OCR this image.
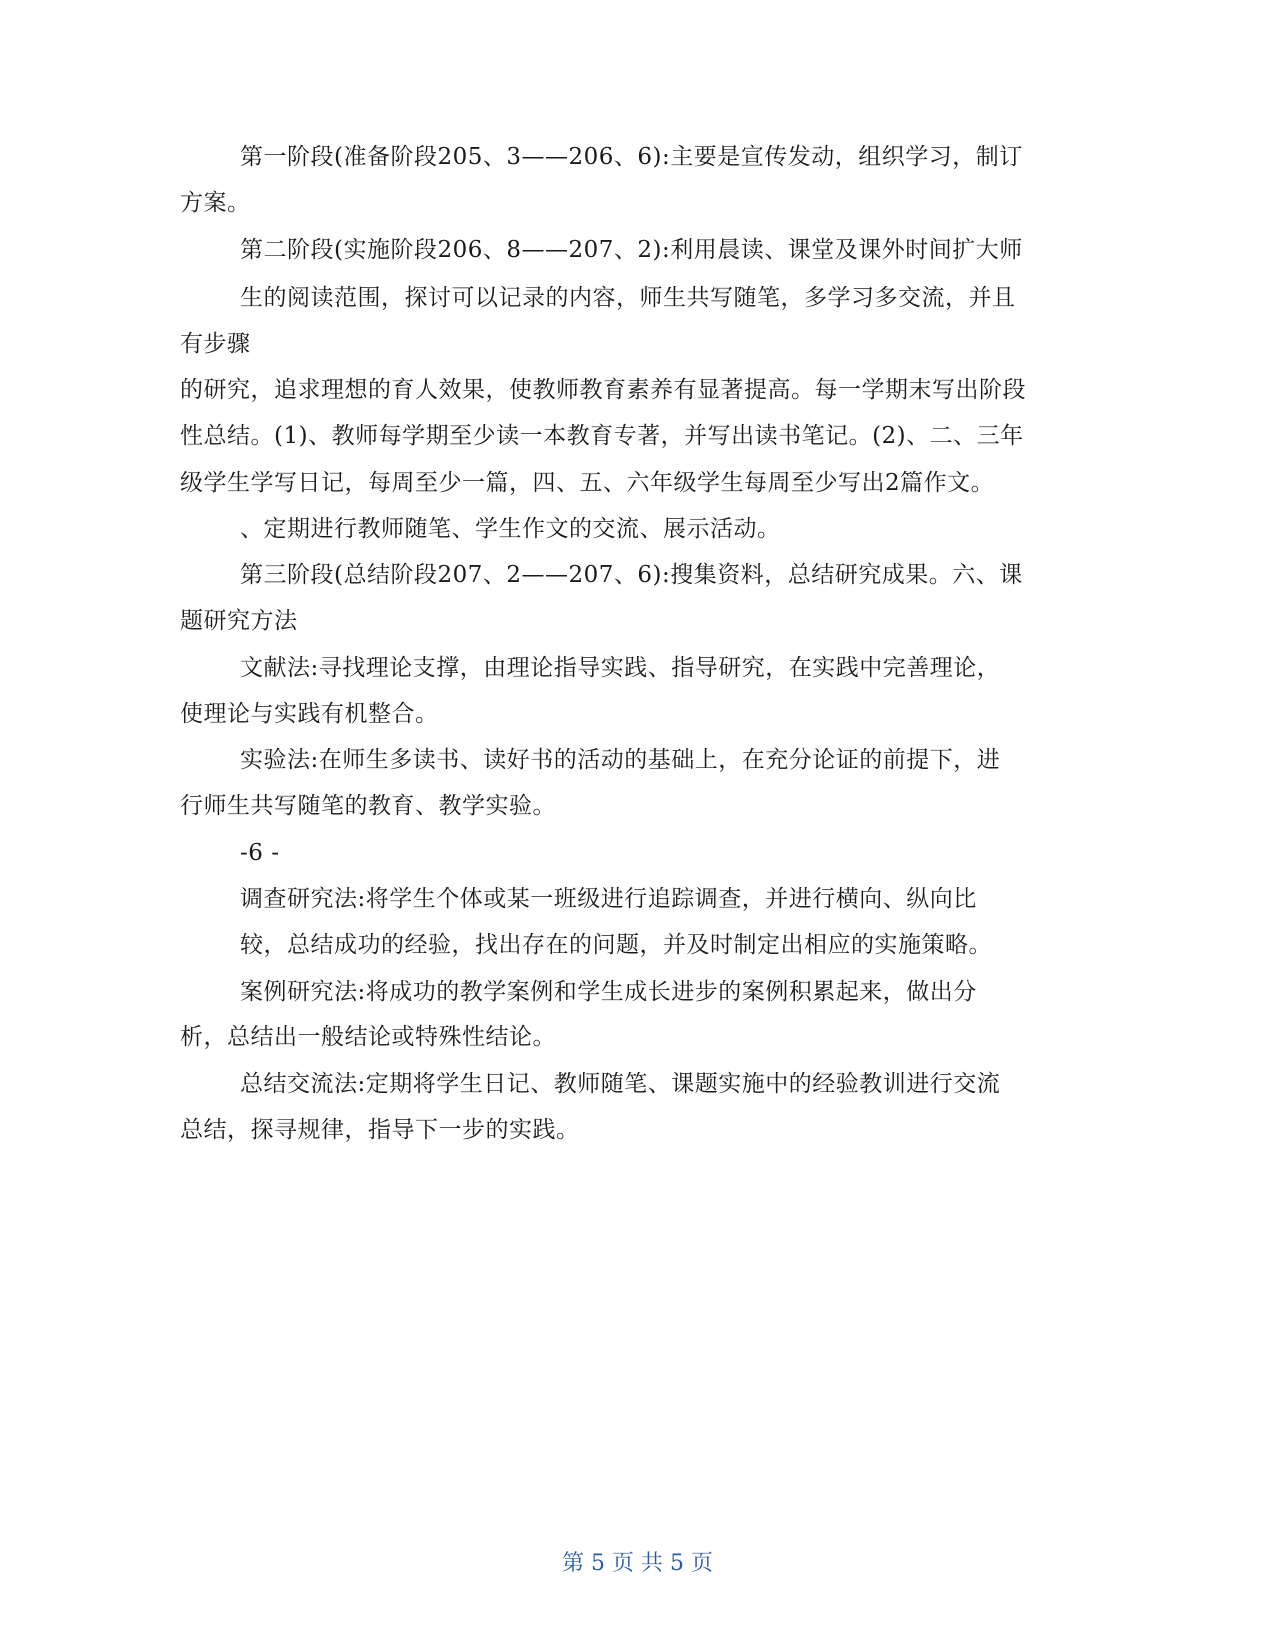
第一阶段(准备阶段205、3——206、6):主要是宣传发动，组织学习，制订
方案。
第二阶段(实施阶段206、8——207、2):利用晨读、课堂及课外时间扩大师
生的阅读范围，探讨可以记录的内容，师生共写随笔，多学习多交流，并且
有步骤
的研究，追求理想的育人效果，使教师教育素养有显著提高。每一学期末写出阶段
性总结。(1)、教师每学期至少读一本教育专著，并写出读书笔记。(2)、二、三年
级学生学写日记，每周至少一篇，四、五、六年级学生每周至少写出2篇作文。
、定期进行教师随笔、学生作文的交流、展示活动。
第三阶段(总结阶段207、2——207、6):搜集资料，总结研究成果。六、课
题研究方法
文献法:寻找理论支撑，由理论指导实践、指导研究，在实践中完善理论，
使理论与实践有机整合。
实验法:在师生多读书、读好书的活动的基础上，在充分论证的前提下，进
行师生共写随笔的教育、教学实验。
-6 -
调查研究法:将学生个体或某一班级进行追踪调查，并进行横向、纵向比
较，总结成功的经验，找出存在的问题，并及时制定出相应的实施策略。
案例研究法:将成功的教学案例和学生成长进步的案例积累起来，做出分
析，总结出一般结论或特殊性结论。
总结交流法:定期将学生日记、教师随笔、课题实施中的经验教训进行交流
总结，探寻规律，指导下一步的实践。
第 5 页 共 5 页
